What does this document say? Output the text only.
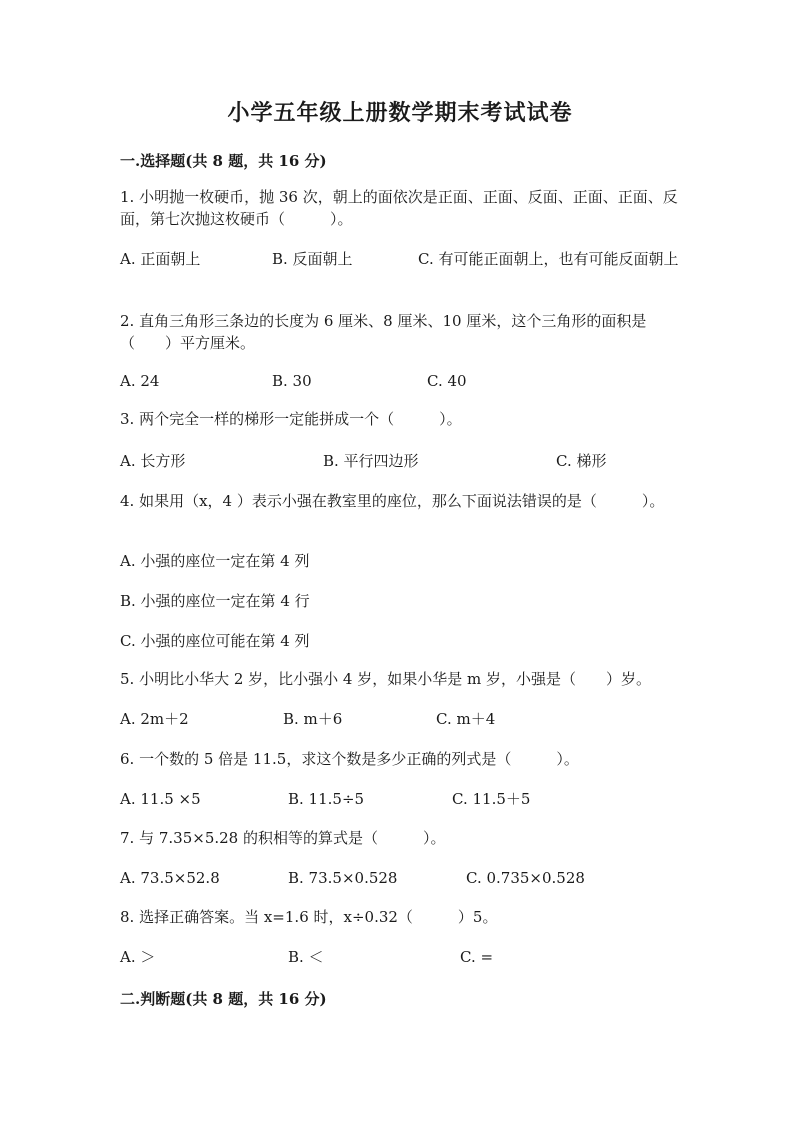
小学五年级上册数学期末考试试卷
一.选择题(共 8 题，共 16 分)
1. 小明抛一枚硬币，抛 36 次，朝上的面依次是正面、正面、反面、正面、正面、反面，第七次抛这枚硬币（　　　）。
A. 正面朝上	B. 反面朝上	C. 有可能正面朝上，也有可能反面朝上
2. 直角三角形三条边的长度为 6 厘米、8 厘米、10 厘米，这个三角形的面积是（　　）平方厘米。
A. 24	B. 30	C. 40
3. 两个完全一样的梯形一定能拼成一个（　　　）。
A. 长方形	B. 平行四边形	C. 梯形
4. 如果用（x，4 ）表示小强在教室里的座位，那么下面说法错误的是（　　　）。
A. 小强的座位一定在第 4 列
B. 小强的座位一定在第 4 行
C. 小强的座位可能在第 4 列
5. 小明比小华大 2 岁，比小强小 4 岁，如果小华是 m 岁，小强是（　　）岁。
A. 2m＋2	B. m＋6	C. m＋4
6. 一个数的 5 倍是 11.5，求这个数是多少正确的列式是（　　　）。
A. 11.5 ×5	B. 11.5÷5	C. 11.5＋5
7. 与 7.35×5.28 的积相等的算式是（　　　）。
A. 73.5×52.8	B. 73.5×0.528	C. 0.735×0.528
8. 选择正确答案。当 x=1.6 时，x÷0.32（　　　）5。
A. ＞	B. ＜	C. =
二.判断题(共 8 题，共 16 分)
